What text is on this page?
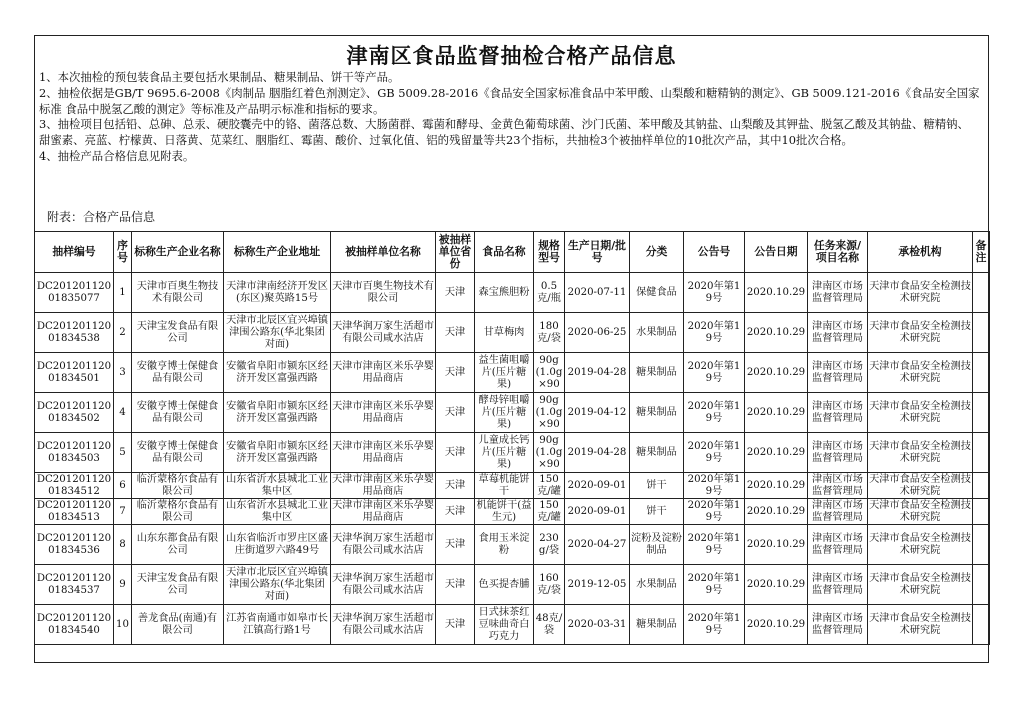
津南区食品监督抽检合格产品信息

1、本次抽检的预包装食品主要包括水果制品、糖果制品、饼干等产品。

2、抽检依据是GB/T 9695.6-2008《肉制品 胭脂红着色剂测定》、GB 5009.28-2016《食品安全国家标准食品中苯甲酸、山梨酸和糖精钠的测定》、GB 5009.121-2016《食品安全国家标准 食品中脱氢乙酸的测定》等标准及产品明示标准和指标的要求。

3、抽检项目包括铅、总砷、总汞、硬胶囊壳中的铬、菌落总数、大肠菌群、霉菌和酵母、金黄色葡萄球菌、沙门氏菌、苯甲酸及其钠盐、山梨酸及其钾盐、脱氢乙酸及其钠盐、糖精钠、甜蜜素、亮蓝、柠檬黄、日落黄、苋菜红、胭脂红、霉菌、酸价、过氧化值、铝的残留量等共23个指标，共抽检3个被抽样单位的10批次产品，其中10批次合格。

4、抽检产品合格信息见附表。

附表：合格产品信息
抽样编号	序号	标称生产企业名称	标称生产企业地址	被抽样单位名称	被抽样单位省份	食品名称	规格型号	生产日期/批号	分类	公告号	公告日期	任务来源/项目名称	承检机构	备注
DC20120112001835077	1	天津市百奥生物技术有限公司	天津市津南经济开发区(东区)聚英路15号	天津市百奥生物技术有限公司	天津	森宝熊胆粉	0.5克/瓶	2020-07-11	保健食品	2020年第19号	2020.10.29	津南区市场监督管理局	天津市食品安全检测技术研究院	
DC20120112001834538	2	天津宝发食品有限公司	天津市北辰区宜兴埠镇津围公路东(华北集团对面)	天津华润万家生活超市有限公司咸水沽店	天津	甘草梅肉	180克/袋	2020-06-25	水果制品	2020年第19号	2020.10.29	津南区市场监督管理局	天津市食品安全检测技术研究院	
DC20120112001834501	3	安徽亨博士保健食品有限公司	安徽省阜阳市颍东区经济开发区富强西路	天津市津南区米乐孕婴用品商店	天津	益生菌咀嚼片(压片糖果)	90g(1.0g×90	2019-04-28	糖果制品	2020年第19号	2020.10.29	津南区市场监督管理局	天津市食品安全检测技术研究院	
DC20120112001834502	4	安徽亨博士保健食品有限公司	安徽省阜阳市颍东区经济开发区富强西路	天津市津南区米乐孕婴用品商店	天津	酵母锌咀嚼片(压片糖果)	90g(1.0g×90	2019-04-12	糖果制品	2020年第19号	2020.10.29	津南区市场监督管理局	天津市食品安全检测技术研究院	
DC20120112001834503	5	安徽亨博士保健食品有限公司	安徽省阜阳市颍东区经济开发区富强西路	天津市津南区米乐孕婴用品商店	天津	儿童成长钙片(压片糖果)	90g(1.0g×90	2019-04-28	糖果制品	2020年第19号	2020.10.29	津南区市场监督管理局	天津市食品安全检测技术研究院	
DC20120112001834512	6	临沂蒙格尔食品有限公司	山东省沂水县城北工业集中区	天津市津南区米乐孕婴用品商店	天津	草莓机能饼干	150克/罐	2020-09-01	饼干	2020年第19号	2020.10.29	津南区市场监督管理局	天津市食品安全检测技术研究院	
DC20120112001834513	7	临沂蒙格尔食品有限公司	山东省沂水县城北工业集中区	天津市津南区米乐孕婴用品商店	天津	机能饼干(益生元)	150克/罐	2020-09-01	饼干	2020年第19号	2020.10.29	津南区市场监督管理局	天津市食品安全检测技术研究院	
DC20120112001834536	8	山东东都食品有限公司	山东省临沂市罗庄区盛庄街道罗六路49号	天津华润万家生活超市有限公司咸水沽店	天津	食用玉米淀粉	230g/袋	2020-04-27	淀粉及淀粉制品	2020年第19号	2020.10.29	津南区市场监督管理局	天津市食品安全检测技术研究院	
DC20120112001834537	9	天津宝发食品有限公司	天津市北辰区宜兴埠镇津围公路东(华北集团对面)	天津华润万家生活超市有限公司咸水沽店	天津	色买提杏脯	160克/袋	2019-12-05	水果制品	2020年第19号	2020.10.29	津南区市场监督管理局	天津市食品安全检测技术研究院	
DC20120112001834540	10	善龙食品(南通)有限公司	江苏省南通市如皋市长江镇高行路1号	天津华润万家生活超市有限公司咸水沽店	天津	日式抹茶红豆味曲奇白巧克力	48克/袋	2020-03-31	糖果制品	2020年第19号	2020.10.29	津南区市场监督管理局	天津市食品安全检测技术研究院	
